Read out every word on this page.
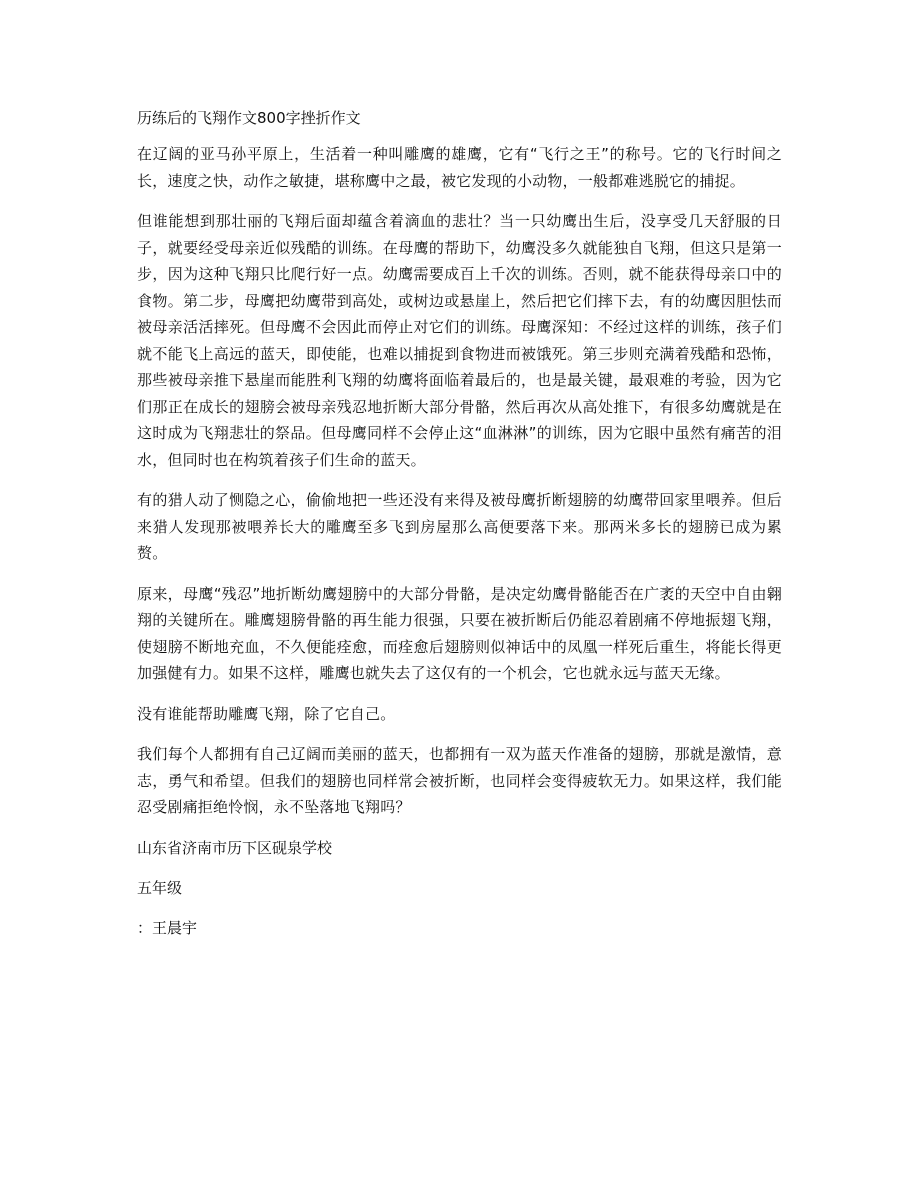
历练后的飞翔作文800字挫折作文

在辽阔的亚马孙平原上，生活着一种叫雕鹰的雄鹰，它有“飞行之王”的称号。它的飞行时间之长，速度之快，动作之敏捷，堪称鹰中之最，被它发现的小动物，一般都难逃脱它的捕捉。

但谁能想到那壮丽的飞翔后面却蕴含着滴血的悲壮？当一只幼鹰出生后，没享受几天舒服的日子，就要经受母亲近似残酷的训练。在母鹰的帮助下，幼鹰没多久就能独自飞翔，但这只是第一步，因为这种飞翔只比爬行好一点。幼鹰需要成百上千次的训练。否则，就不能获得母亲口中的食物。第二步，母鹰把幼鹰带到高处，或树边或悬崖上，然后把它们摔下去，有的幼鹰因胆怯而被母亲活活摔死。但母鹰不会因此而停止对它们的训练。母鹰深知：不经过这样的训练，孩子们就不能飞上高远的蓝天，即使能，也难以捕捉到食物进而被饿死。第三步则充满着残酷和恐怖，那些被母亲推下悬崖而能胜利飞翔的幼鹰将面临着最后的，也是最关键，最艰难的考验，因为它们那正在成长的翅膀会被母亲残忍地折断大部分骨骼，然后再次从高处推下，有很多幼鹰就是在这时成为飞翔悲壮的祭品。但母鹰同样不会停止这“血淋淋”的训练，因为它眼中虽然有痛苦的泪水，但同时也在构筑着孩子们生命的蓝天。

有的猎人动了恻隐之心，偷偷地把一些还没有来得及被母鹰折断翅膀的幼鹰带回家里喂养。但后来猎人发现那被喂养长大的雕鹰至多飞到房屋那么高便要落下来。那两米多长的翅膀已成为累赘。

原来，母鹰“残忍”地折断幼鹰翅膀中的大部分骨骼，是决定幼鹰骨骼能否在广袤的天空中自由翱翔的关键所在。雕鹰翅膀骨骼的再生能力很强，只要在被折断后仍能忍着剧痛不停地振翅飞翔，使翅膀不断地充血，不久便能痊愈，而痊愈后翅膀则似神话中的凤凰一样死后重生，将能长得更加强健有力。如果不这样，雕鹰也就失去了这仅有的一个机会，它也就永远与蓝天无缘。

没有谁能帮助雕鹰飞翔，除了它自己。

我们每个人都拥有自己辽阔而美丽的蓝天，也都拥有一双为蓝天作准备的翅膀，那就是激情，意志，勇气和希望。但我们的翅膀也同样常会被折断，也同样会变得疲软无力。如果这样，我们能忍受剧痛拒绝怜悯，永不坠落地飞翔吗？

山东省济南市历下区砚泉学校
五年级
：王晨宇
